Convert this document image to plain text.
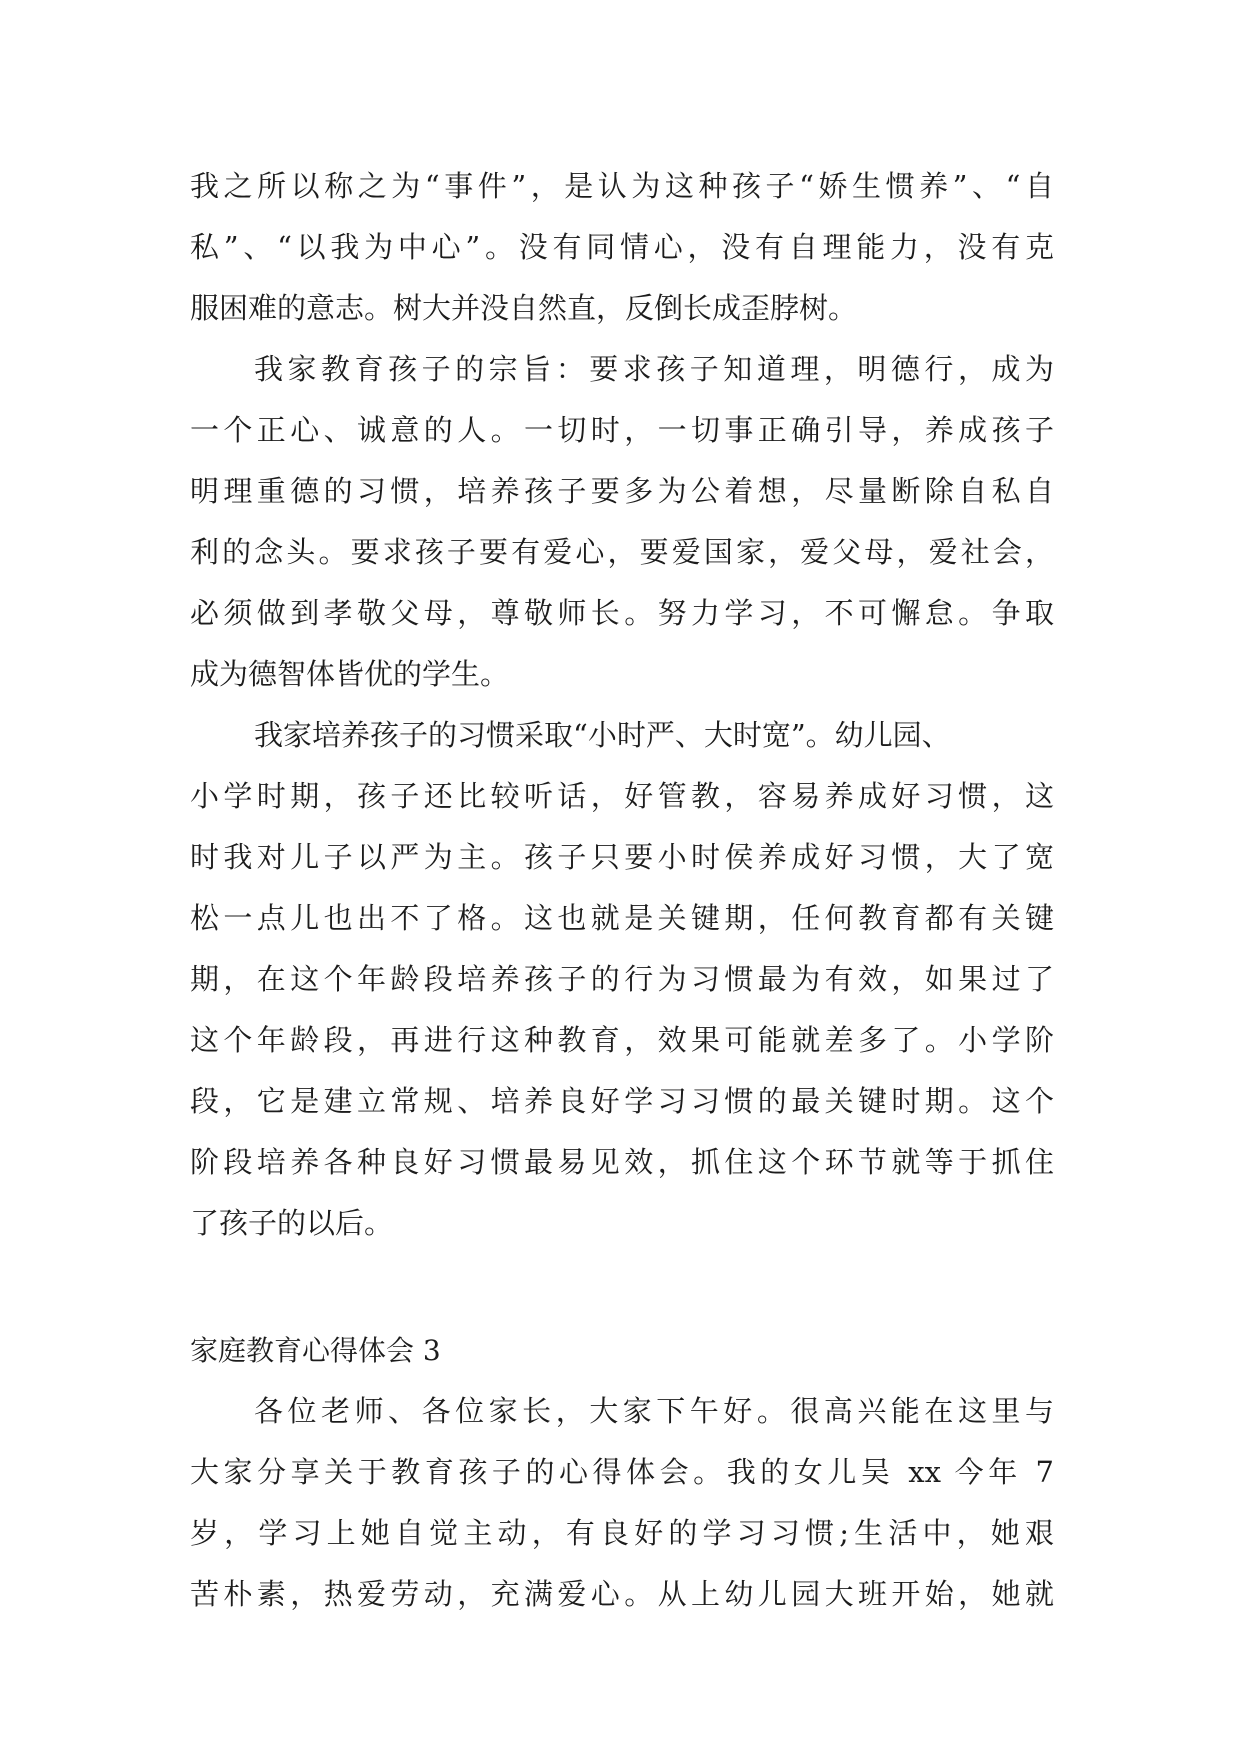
我之所以称之为“事件”，是认为这种孩子“娇生惯养”、“自
私”、“以我为中心”。没有同情心，没有自理能力，没有克
服困难的意志。树大并没自然直，反倒长成歪脖树。
我家教育孩子的宗旨：要求孩子知道理，明德行，成为
一个正心、诚意的人。一切时，一切事正确引导，养成孩子
明理重德的习惯，培养孩子要多为公着想，尽量断除自私自
利的念头。要求孩子要有爱心，要爱国家，爱父母，爱社会，
必须做到孝敬父母，尊敬师长。努力学习，不可懈怠。争取
成为德智体皆优的学生。
我家培养孩子的习惯采取“小时严、大时宽”。幼儿园、
小学时期，孩子还比较听话，好管教，容易养成好习惯，这
时我对儿子以严为主。孩子只要小时侯养成好习惯，大了宽
松一点儿也出不了格。这也就是关键期，任何教育都有关键
期，在这个年龄段培养孩子的行为习惯最为有效，如果过了
这个年龄段，再进行这种教育，效果可能就差多了。小学阶
段，它是建立常规、培养良好学习习惯的最关键时期。这个
阶段培养各种良好习惯最易见效，抓住这个环节就等于抓住
了孩子的以后。
家庭教育心得体会 3
各位老师、各位家长，大家下午好。很高兴能在这里与
大家分享关于教育孩子的心得体会。我的女儿吴 xx 今年 7
岁，学习上她自觉主动，有良好的学习习惯;生活中，她艰
苦朴素，热爱劳动，充满爱心。从上幼儿园大班开始，她就
